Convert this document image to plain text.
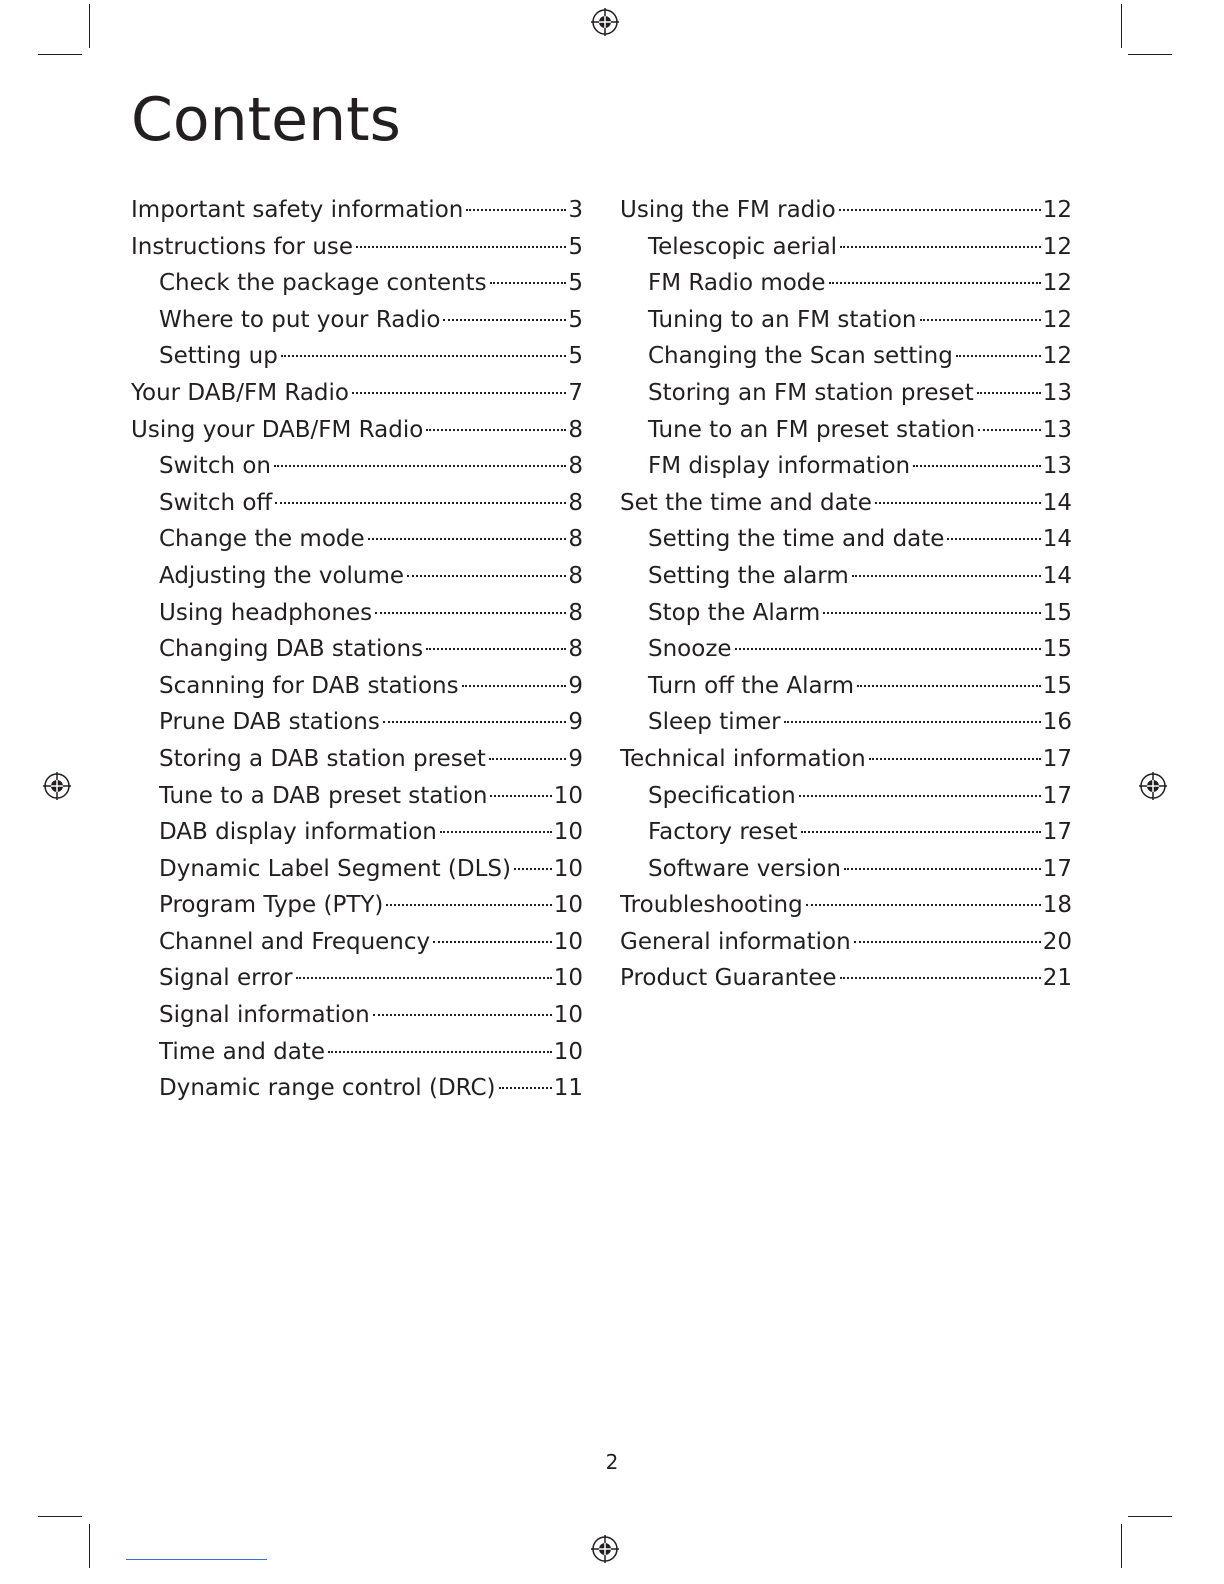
Contents
Important safety information	3
Instructions for use	5
Check the package contents	5
Where to put your Radio	5
Setting up	5
Your DAB/FM Radio	7
Using your DAB/FM Radio	8
Switch on	8
Switch off	8
Change the mode	8
Adjusting the volume	8
Using headphones	8
Changing DAB stations	8
Scanning for DAB stations	9
Prune DAB stations	9
Storing a DAB station preset	9
Tune to a DAB preset station	10
DAB display information	10
Dynamic Label Segment (DLS) 10
Program Type (PTY)	10
Channel and Frequency	10
Signal error	10
Signal information	10
Time and date	10
Dynamic range control (DRC)	11
Using the FM radio	12
Telescopic aerial	12
FM Radio mode	12
Tuning to an FM station	12
Changing the Scan setting	12
Storing an FM station preset	13
Tune to an FM preset station	13
FM display information	13
Set the time and date	14
Setting the time and date	14
Setting the alarm	14
Stop the Alarm	15
Snooze	15
Turn off the Alarm	15
Sleep timer	16
Technical information	17
Specification	17
Factory reset	17
Software version	17
Troubleshooting	18
General information	20
Product Guarantee	21
2
